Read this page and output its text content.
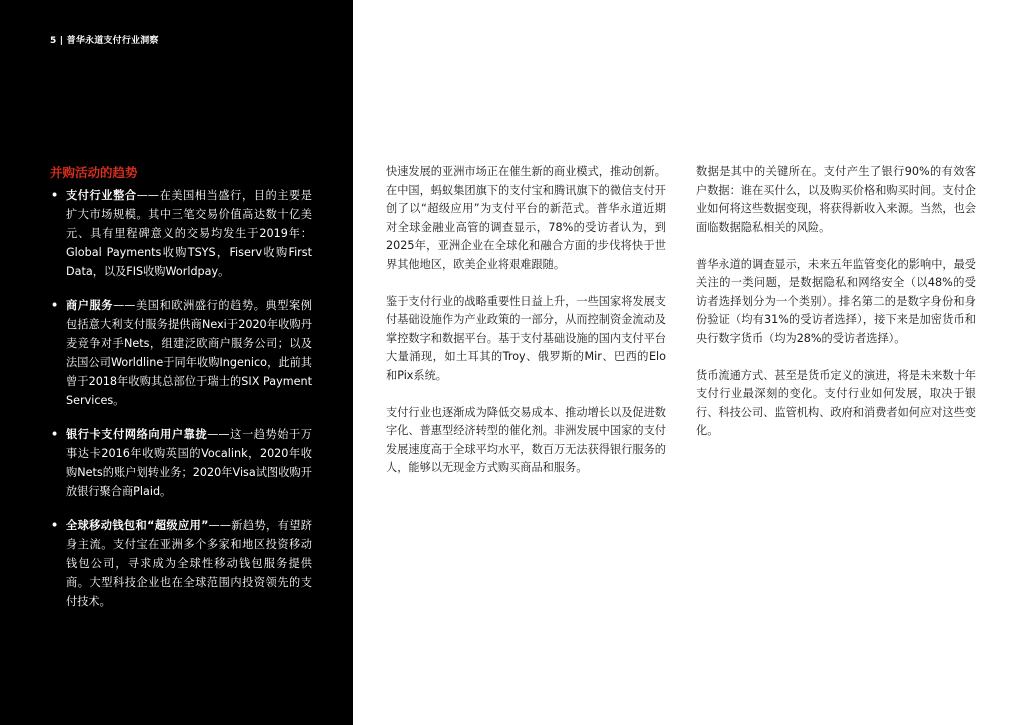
5 | 普华永道支付行业洞察
并购活动的趋势
• 支付行业整合——在美国相当盛行，目的主要是扩大市场规模。其中三笔交易价值高达数十亿美元、具有里程碑意义的交易均发生于2019年：Global Payments收购TSYS，Fiserv收购First Data，以及FIS收购Worldpay。
• 商户服务——美国和欧洲盛行的趋势。典型案例包括意大利支付服务提供商Nexi于2020年收购丹麦竞争对手Nets，组建泛欧商户服务公司；以及法国公司Worldline于同年收购Ingenico，此前其曾于2018年收购其总部位于瑞士的SIX Payment Services。
• 银行卡支付网络向用户靠拢——这一趋势始于万事达卡2016年收购英国的Vocalink，2020年收购Nets的账户划转业务；2020年Visa试图收购开放银行聚合商Plaid。
• 全球移动钱包和“超级应用”——新趋势，有望跻身主流。支付宝在亚洲多个多家和地区投资移动钱包公司，寻求成为全球性移动钱包服务提供商。大型科技企业也在全球范围内投资领先的支付技术。

快速发展的亚洲市场正在催生新的商业模式，推动创新。在中国，蚂蚁集团旗下的支付宝和腾讯旗下的微信支付开创了以“超级应用”为支付平台的新范式。普华永道近期对全球金融业高管的调查显示，78%的受访者认为，到2025年，亚洲企业在全球化和融合方面的步伐将快于世界其他地区，欧美企业将艰难跟随。

鉴于支付行业的战略重要性日益上升，一些国家将发展支付基础设施作为产业政策的一部分，从而控制资金流动及掌控数字和数据平台。基于支付基础设施的国内支付平台大量涌现，如土耳其的Troy、俄罗斯的Mir、巴西的Elo和Pix系统。

支付行业也逐渐成为降低交易成本、推动增长以及促进数字化、普惠型经济转型的催化剂。非洲发展中国家的支付发展速度高于全球平均水平，数百万无法获得银行服务的人，能够以无现金方式购买商品和服务。

数据是其中的关键所在。支付产生了银行90%的有效客户数据：谁在买什么，以及购买价格和购买时间。支付企业如何将这些数据变现，将获得新收入来源。当然，也会面临数据隐私相关的风险。

普华永道的调查显示，未来五年监管变化的影响中，最受关注的一类问题，是数据隐私和网络安全（以48%的受访者选择划分为一个类别）。排名第二的是数字身份和身份验证（均有31%的受访者选择），接下来是加密货币和央行数字货币（均为28%的受访者选择）。

货币流通方式、甚至是货币定义的演进，将是未来数十年支付行业最深刻的变化。支付行业如何发展，取决于银行、科技公司、监管机构、政府和消费者如何应对这些变化。
